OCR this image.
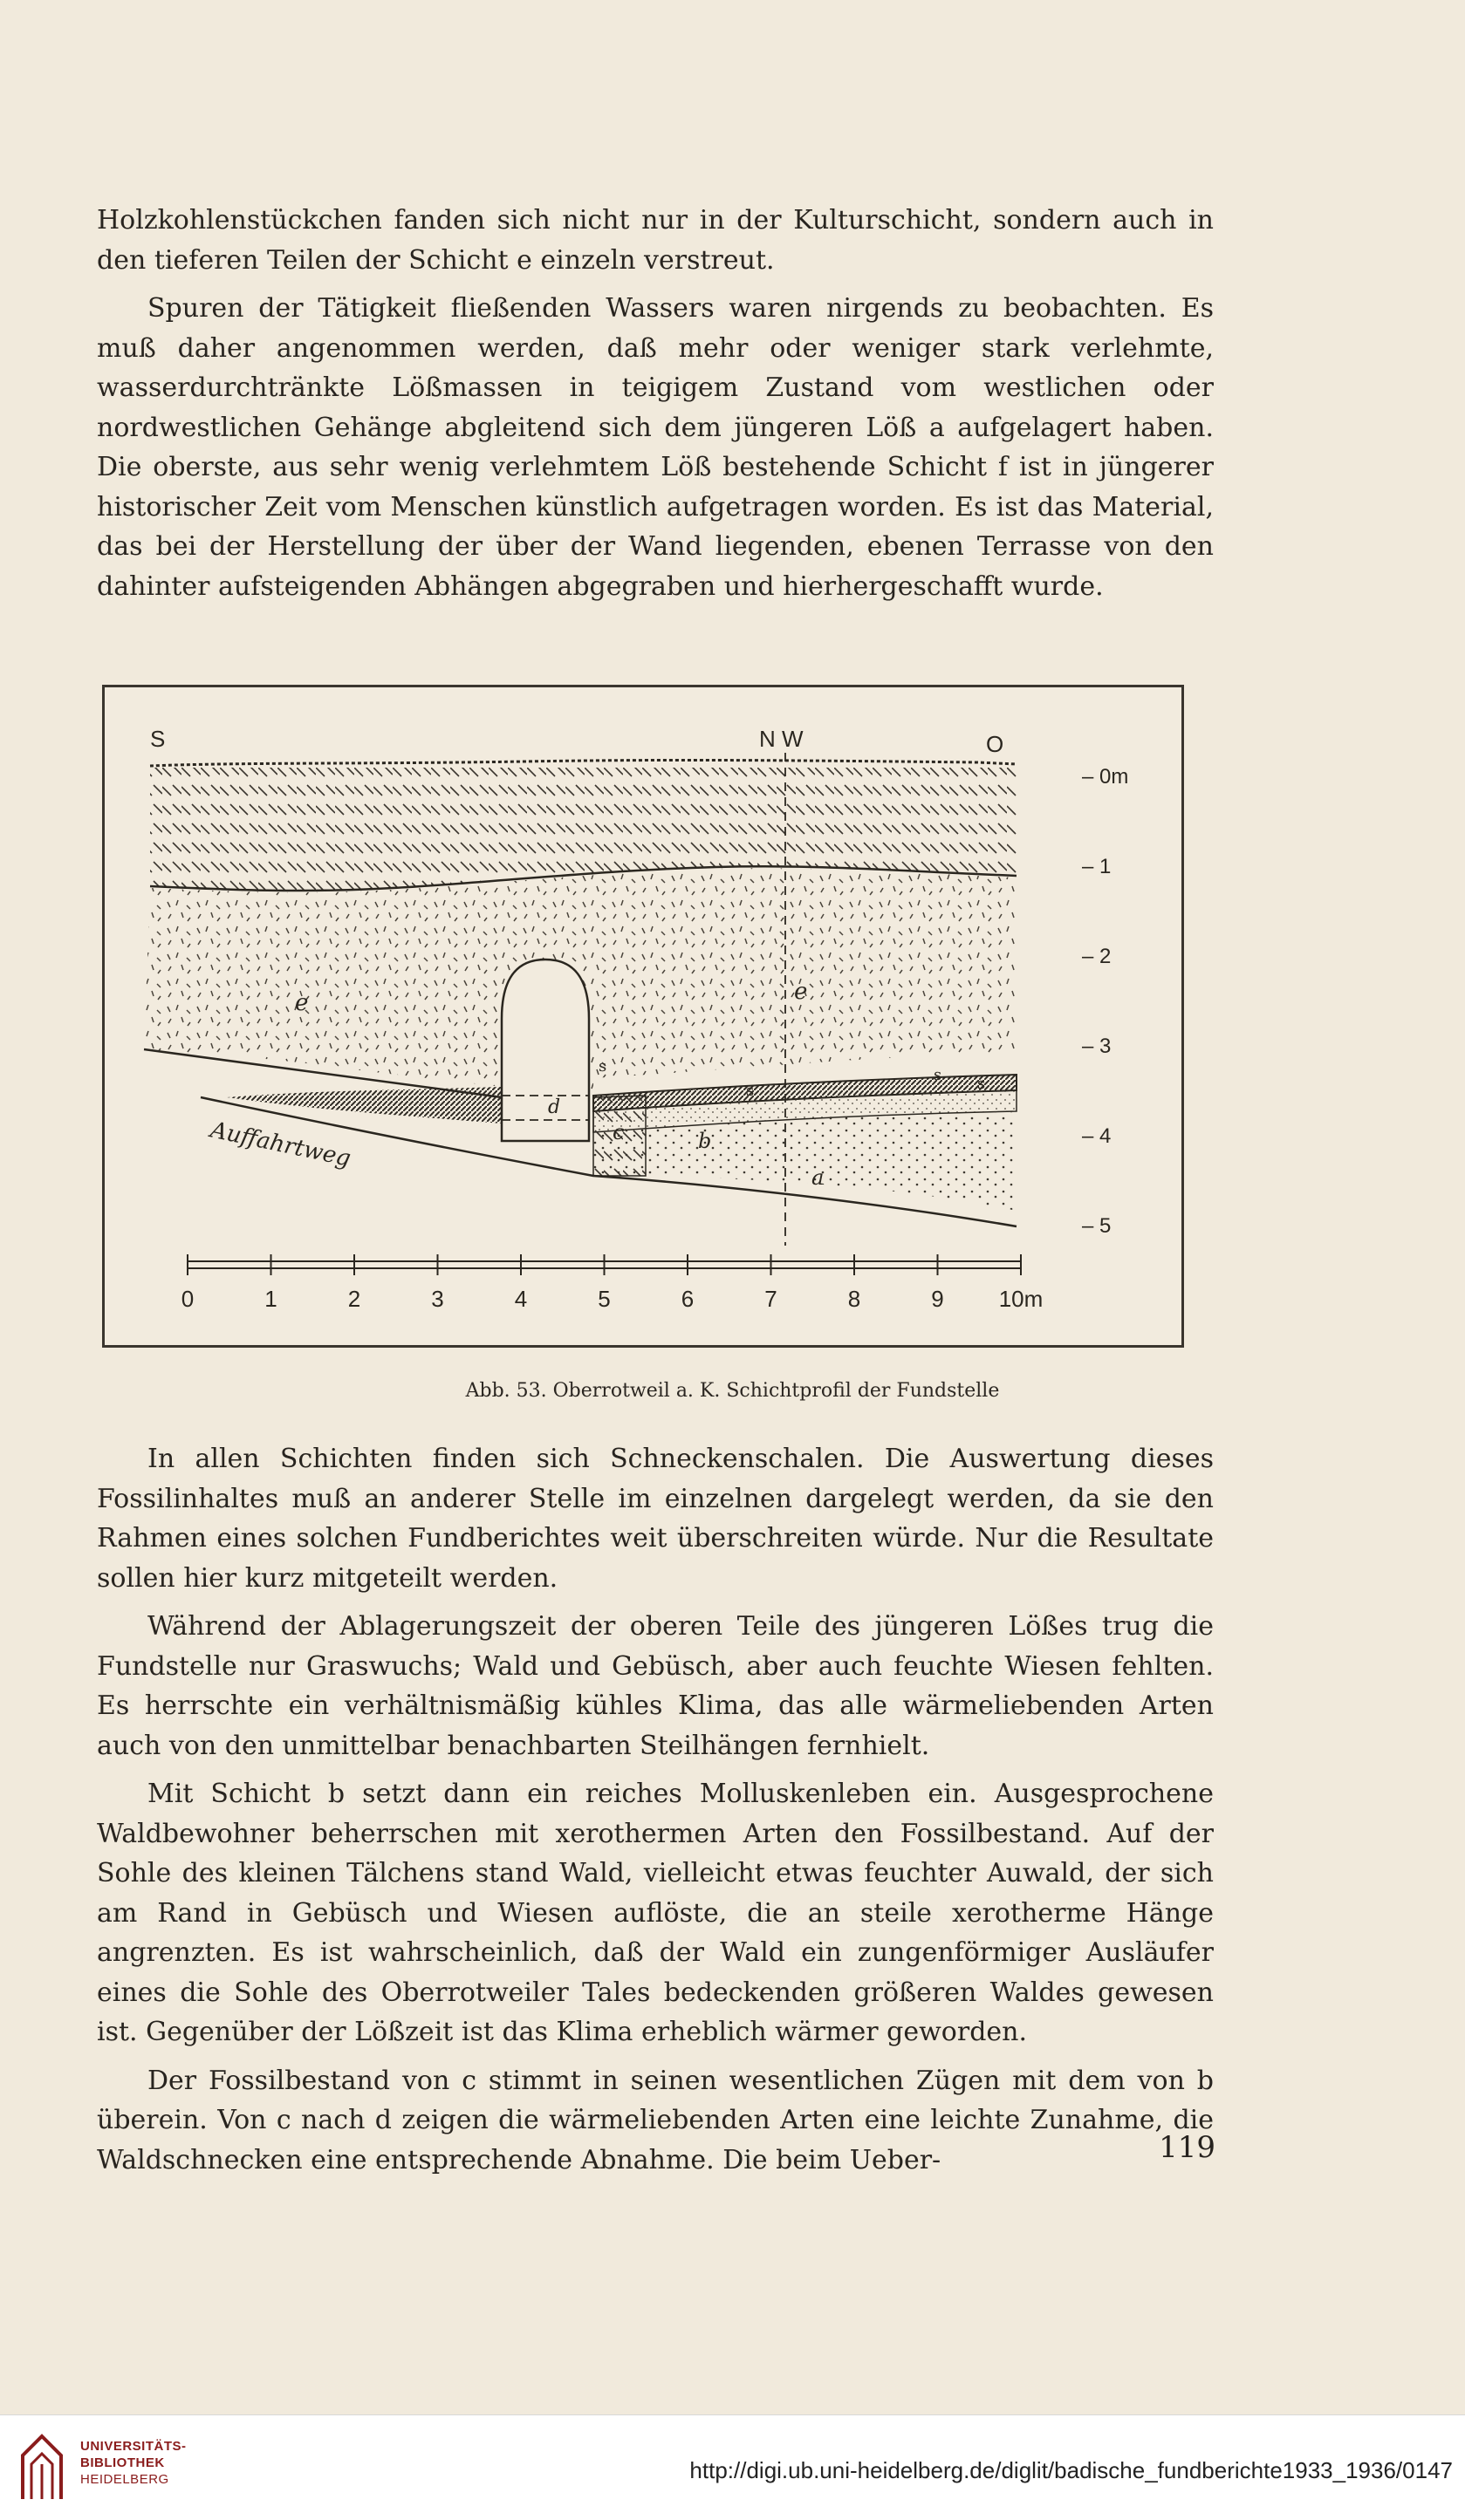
Holzkohlenstückchen fanden sich nicht nur in der Kulturschicht, sondern auch in den tieferen Teilen der Schicht e einzeln verstreut.

Spuren der Tätigkeit fließenden Wassers waren nirgends zu beobachten. Es muß daher angenommen werden, daß mehr oder weniger stark verlehmte, wasserdurchtränkte Lößmassen in teigigem Zustand vom westlichen oder nordwestlichen Gehänge abgleitend sich dem jüngeren Löß a aufgelagert haben. Die oberste, aus sehr wenig verlehmtem Löß bestehende Schicht f ist in jüngerer historischer Zeit vom Menschen künstlich aufgetragen worden. Es ist das Material, das bei der Herstellung der über der Wand liegenden, ebenen Terrasse von den dahinter aufsteigenden Abhängen abgegraben und hierhergeschafft wurde.

S	N W	O
e	e
s
s
s s
c
d
b
a
Auffahrtweg
– 0m
– 1
– 2
– 3
– 4
– 5
0	1	2	3	4	5	6	7	8	9 10m
Abb. 53. Oberrotweil a. K. Schichtprofil der Fundstelle

In allen Schichten finden sich Schneckenschalen. Die Auswertung dieses Fossilinhaltes muß an anderer Stelle im einzelnen dargelegt werden, da sie den Rahmen eines solchen Fundberichtes weit überschreiten würde. Nur die Resultate sollen hier kurz mitgeteilt werden.

Während der Ablagerungszeit der oberen Teile des jüngeren Lößes trug die Fundstelle nur Graswuchs; Wald und Gebüsch, aber auch feuchte Wiesen fehlten. Es herrschte ein verhältnismäßig kühles Klima, das alle wärmeliebenden Arten auch von den unmittelbar benachbarten Steilhängen fernhielt.

Mit Schicht b setzt dann ein reiches Molluskenleben ein. Ausgesprochene Waldbewohner beherrschen mit xerothermen Arten den Fossilbestand. Auf der Sohle des kleinen Tälchens stand Wald, vielleicht etwas feuchter Auwald, der sich am Rand in Gebüsch und Wiesen auflöste, die an steile xerotherme Hänge angrenzten. Es ist wahrscheinlich, daß der Wald ein zungenförmiger Ausläufer eines die Sohle des Oberrotweiler Tales bedeckenden größeren Waldes gewesen ist. Gegenüber der Lößzeit ist das Klima erheblich wärmer geworden.

Der Fossilbestand von c stimmt in seinen wesentlichen Zügen mit dem von b überein. Von c nach d zeigen die wärmeliebenden Arten eine leichte Zunahme, die Waldschnecken eine entsprechende Abnahme. Die beim Ueber-	119
UNIVERSITÄTS-
BIBLIOTHEK
HEIDELBERG	http://digi.ub.uni-heidelberg.de/diglit/badische_fundberichte1933_1936/0147
